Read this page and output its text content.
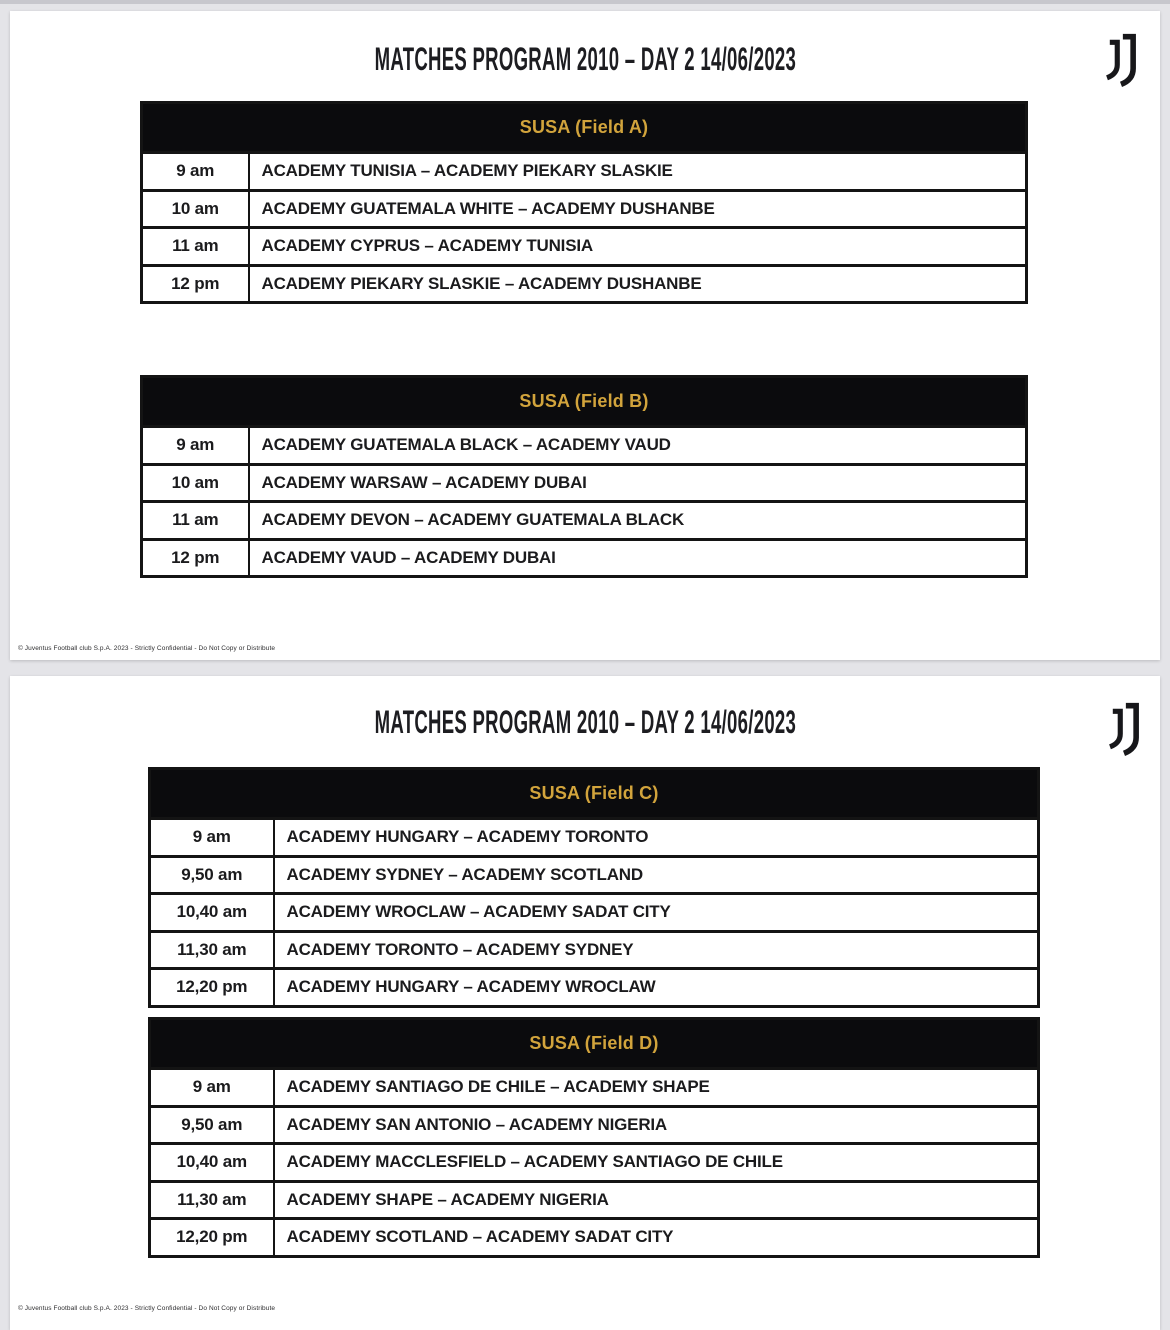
MATCHES PROGRAM 2010 – DAY 2 14/06/2023
SUSA (Field A)	
9 am	ACADEMY TUNISIA – ACADEMY PIEKARY SLASKIE
10 am	ACADEMY GUATEMALA WHITE – ACADEMY DUSHANBE
11 am	ACADEMY CYPRUS – ACADEMY TUNISIA
12 pm	ACADEMY PIEKARY SLASKIE – ACADEMY DUSHANBE
SUSA (Field B)	
9 am	ACADEMY GUATEMALA BLACK – ACADEMY VAUD
10 am	ACADEMY WARSAW – ACADEMY DUBAI
11 am	ACADEMY DEVON – ACADEMY GUATEMALA BLACK
12 pm	ACADEMY VAUD – ACADEMY DUBAI
© Juventus Football club S.p.A. 2023 - Strictly Confidential - Do Not Copy or Distribute
MATCHES PROGRAM 2010 – DAY 2 14/06/2023
SUSA (Field C)	
9 am	ACADEMY HUNGARY – ACADEMY TORONTO
9,50 am	ACADEMY SYDNEY – ACADEMY SCOTLAND
10,40 am	ACADEMY WROCLAW – ACADEMY SADAT CITY
11,30 am	ACADEMY TORONTO – ACADEMY SYDNEY
12,20 pm	ACADEMY HUNGARY – ACADEMY WROCLAW
SUSA (Field D)	
9 am	ACADEMY SANTIAGO DE CHILE – ACADEMY SHAPE
9,50 am	ACADEMY SAN ANTONIO – ACADEMY NIGERIA
10,40 am	ACADEMY MACCLESFIELD – ACADEMY SANTIAGO DE CHILE
11,30 am	ACADEMY SHAPE – ACADEMY NIGERIA
12,20 pm	ACADEMY SCOTLAND – ACADEMY SADAT CITY
© Juventus Football club S.p.A. 2023 - Strictly Confidential - Do Not Copy or Distribute
